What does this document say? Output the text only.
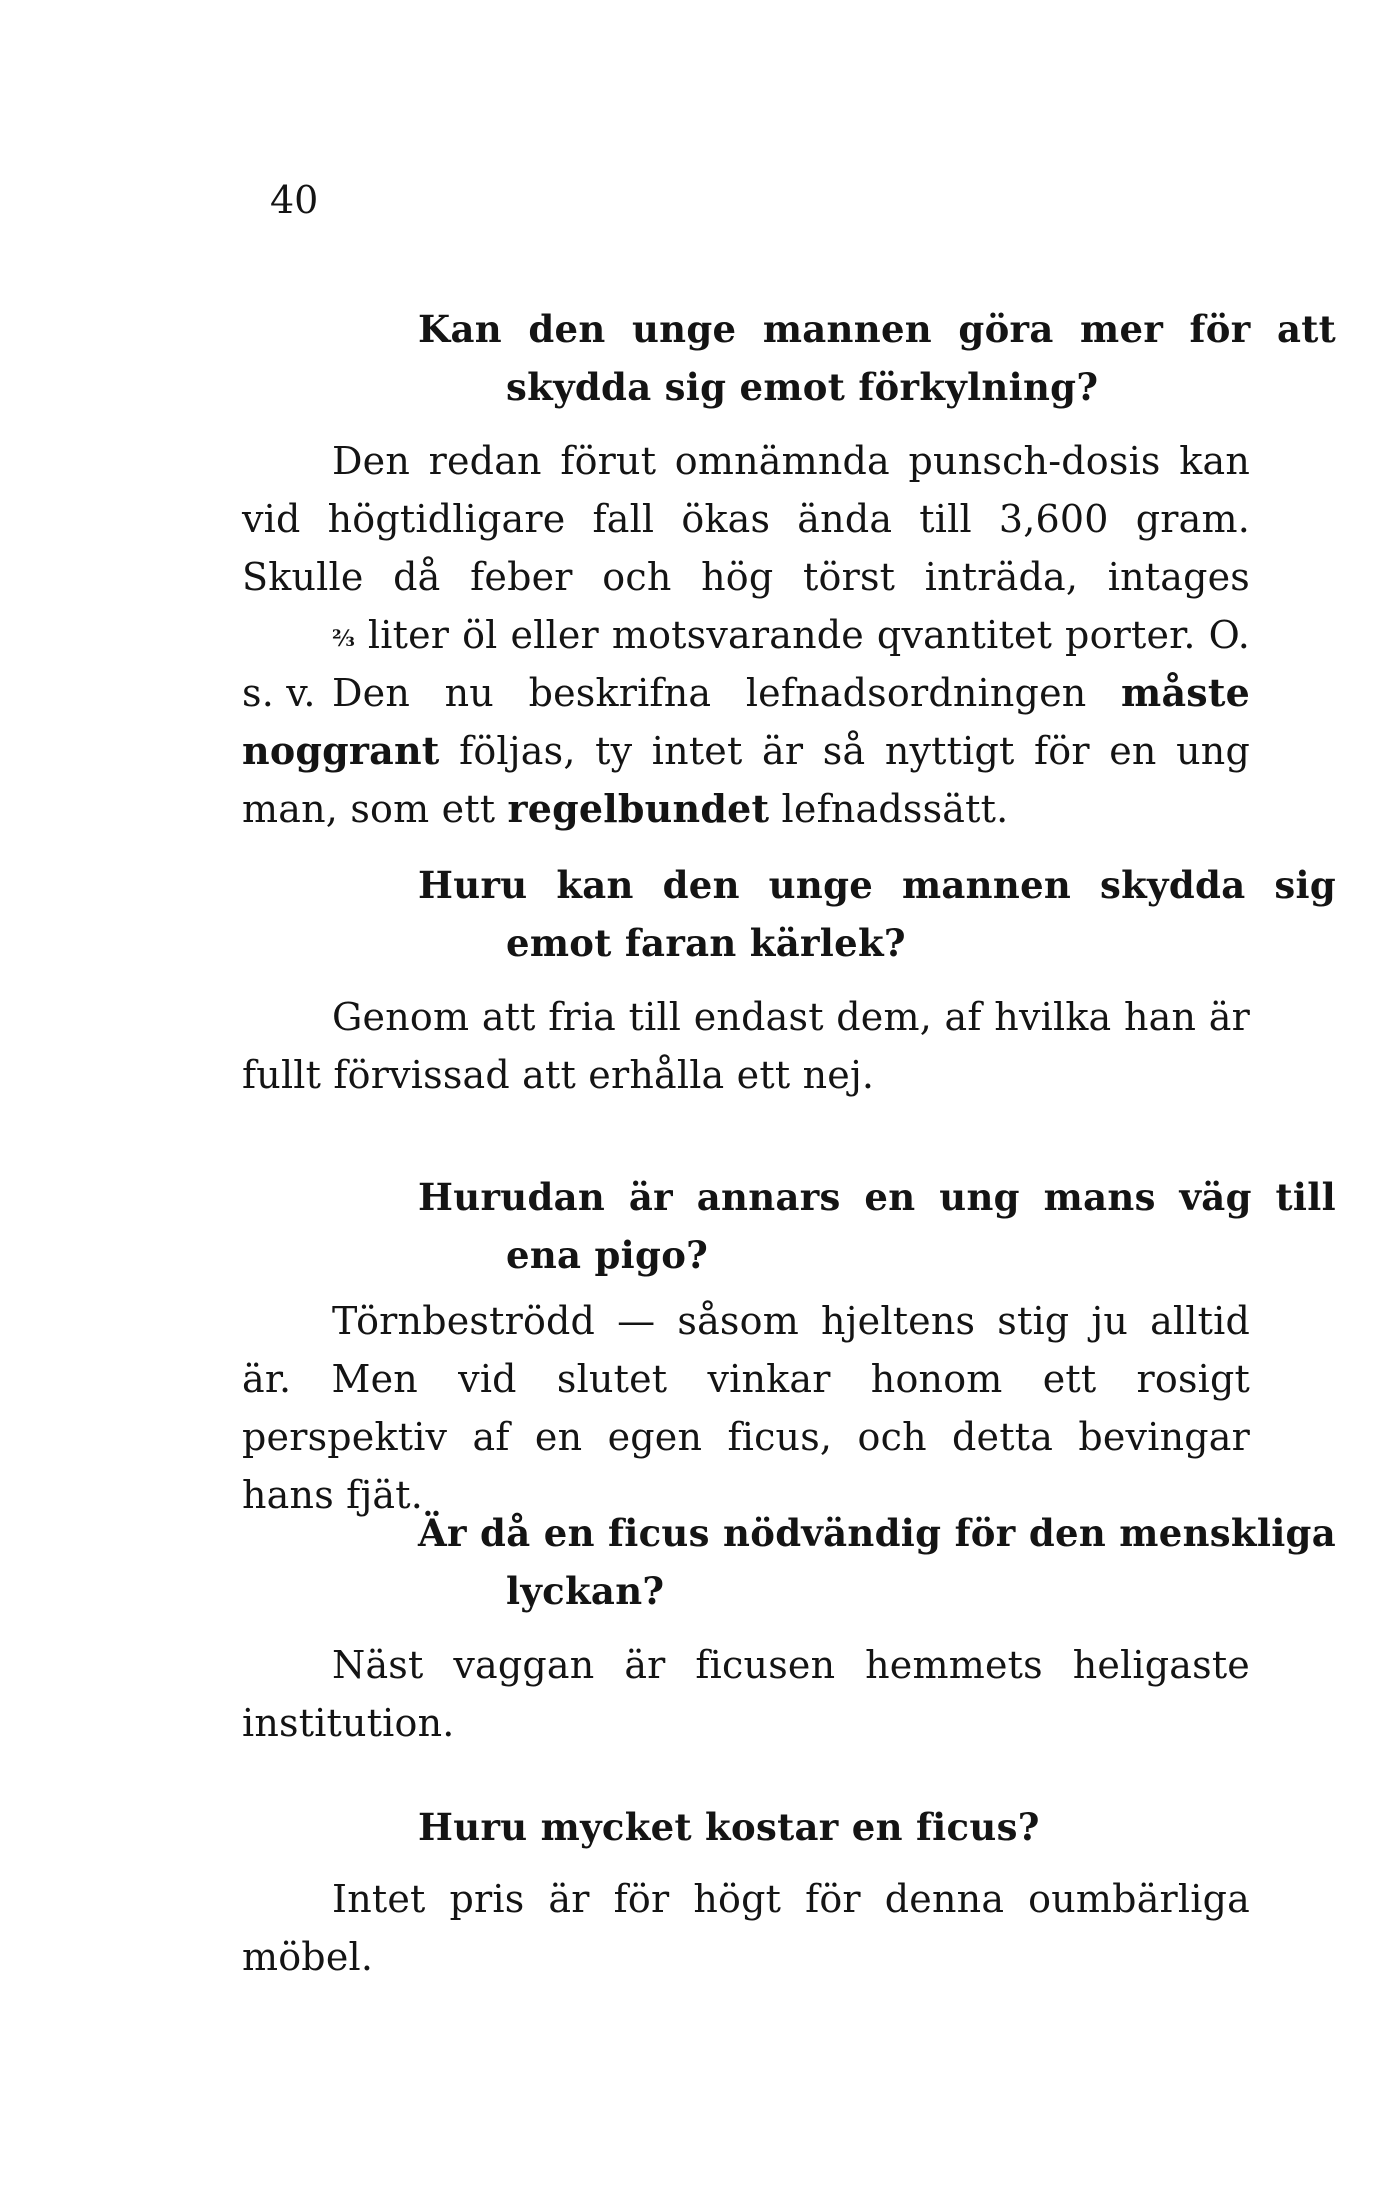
40
Kan den unge mannen göra mer för att skydda sig emot förkylning?
Den redan förut omnämnda punsch-dosis kan vid högtidligare fall ökas ända till 3,600 gram. Skulle då feber och hög törst inträda, intages ⅔ liter öl eller motsvarande qvantitet porter. O. s. v. Den nu beskrifna lefnadsordningen måste noggrant följas, ty intet är så nyttigt för en ung man, som ett regelbundet lefnadssätt.
Huru kan den unge mannen skydda sig emot faran kärlek?
Genom att fria till endast dem, af hvilka han är fullt förvissad att erhålla ett nej.
Hurudan är annars en ung mans väg till ena pigo?
Törnbeströdd — såsom hjeltens stig ju alltid är. Men vid slutet vinkar honom ett rosigt perspektiv af en egen ficus, och detta bevingar hans fjät.
Är då en ficus nödvändig för den menskliga lyckan?
Näst vaggan är ficusen hemmets heligaste institution.
Huru mycket kostar en ficus?
Intet pris är för högt för denna oumbärliga möbel.
